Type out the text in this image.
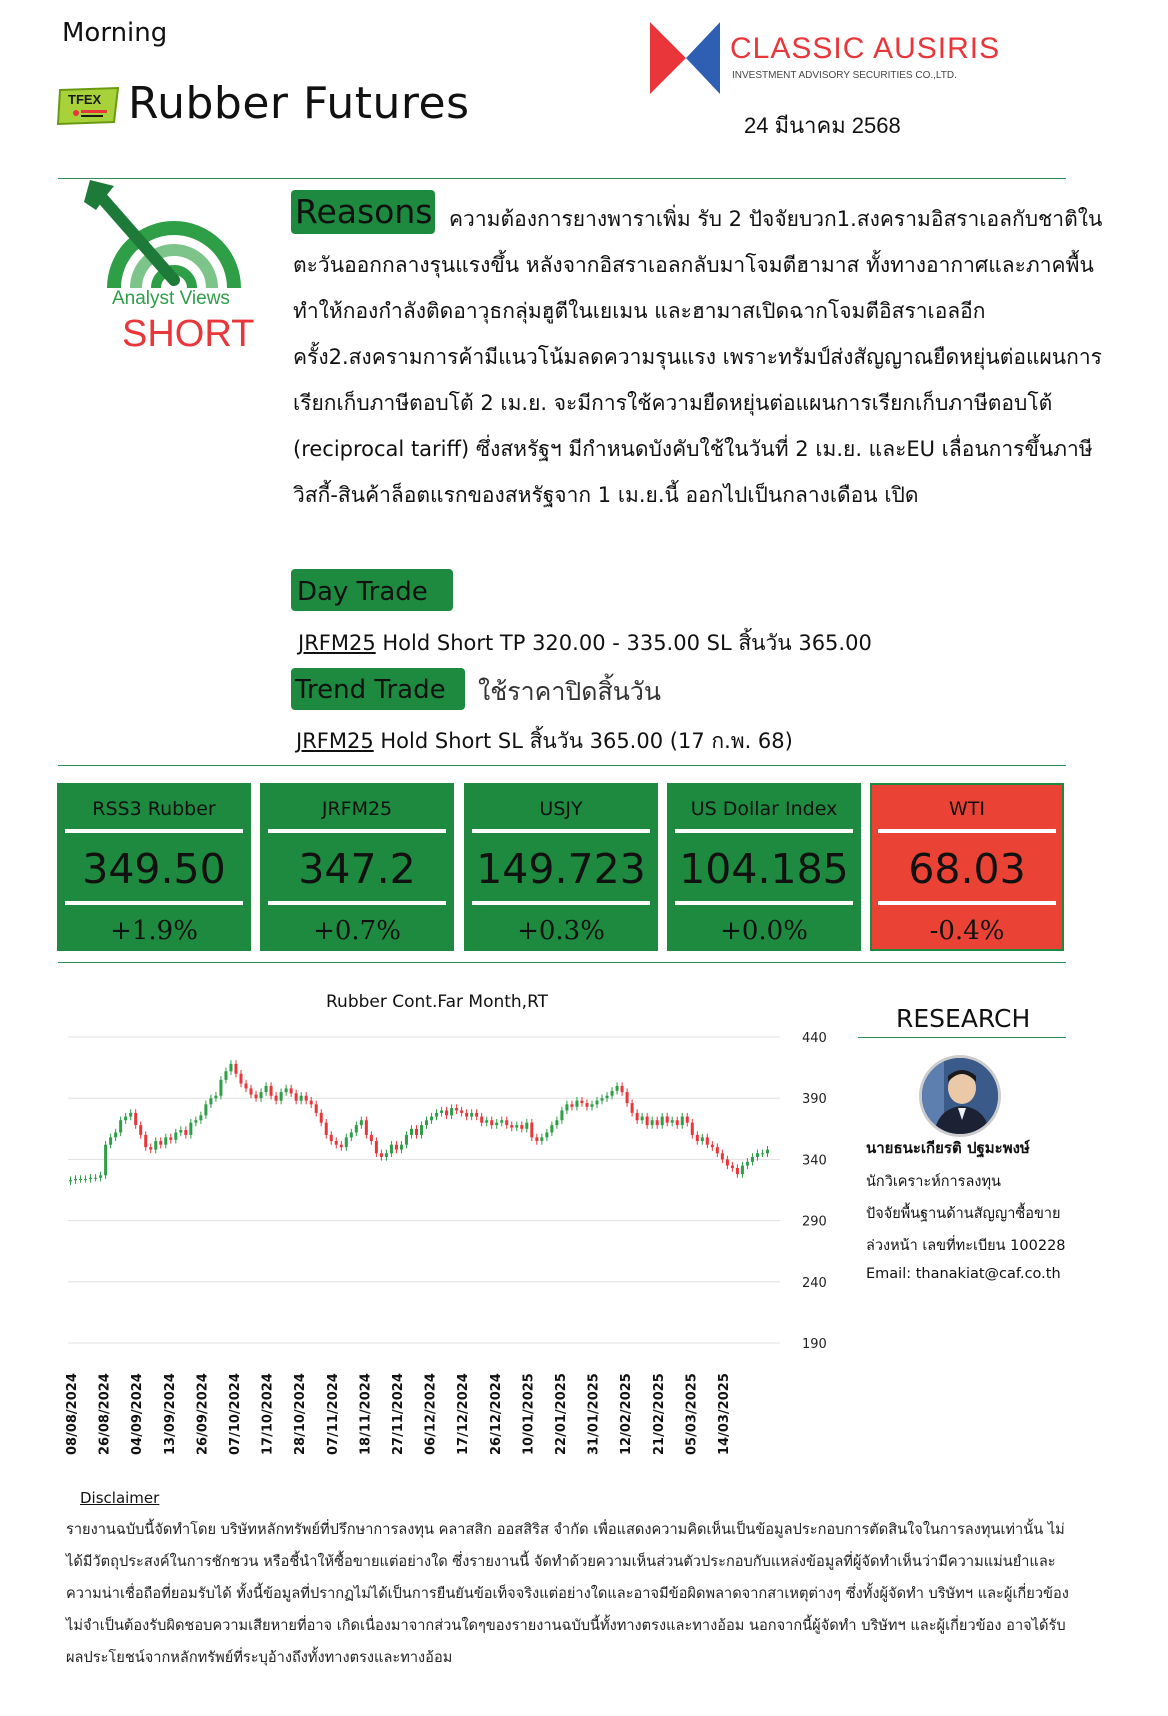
Morning
TFEX Rubber Futures
CLASSIC AUSIRIS
INVESTMENT ADVISORY SECURITIES CO.,LTD.
24 มีนาคม 2568
Analyst Views
SHORT
Reasons ความต้องการยางพาราเพิ่ม รับ 2 ปัจจัยบวก1.สงครามอิสราเอลกับชาติในตะวันออกกลางรุนแรงขึ้น หลังจากอิสราเอลกลับมาโจมตีฮามาส ทั้งทางอากาศและภาคพื้น ทำให้กองกำลังติดอาวุธกลุ่มฮูตีในเยเมน และฮามาสเปิดฉากโจมตีอิสราเอลอีกครั้ง2.สงครามการค้ามีแนวโน้มลดความรุนแรง เพราะทรัมป์ส่งสัญญาณยืดหยุ่นต่อแผนการเรียกเก็บภาษีตอบโต้ 2 เม.ย. จะมีการใช้ความยืดหยุ่นต่อแผนการเรียกเก็บภาษีตอบโต้ (reciprocal tariff) ซึ่งสหรัฐฯ มีกำหนดบังคับใช้ในวันที่ 2 เม.ย. และEU เลื่อนการขึ้นภาษีวิสกี้-สินค้าล็อตแรกของสหรัฐจาก 1 เม.ย.นี้ ออกไปเป็นกลางเดือน เปิด
Day Trade
JRFM25 Hold Short TP 320.00 - 335.00 SL สิ้นวัน 365.00
Trend Trade	ใช้ราคาปิดสิ้นวัน
JRFM25 Hold Short SL สิ้นวัน 365.00 (17 ก.พ. 68)
RSS3 Rubber
349.50
+1.9%
JRFM25
347.2
+0.7%
USJY
149.723
+0.3%
US Dollar Index
104.185
+0.0%
WTI
68.03
-0.4%
Rubber Cont.Far Month,RT
440
390
340
290
240
190
08/08/2024 26/08/2024 04/09/2024 13/09/2024 26/09/2024 07/10/2024 17/10/2024 28/10/2024 07/11/2024 18/11/2024 27/11/2024 06/12/2024 17/12/2024 26/12/2024 10/01/2025 22/01/2025 31/01/2025 12/02/2025 21/02/2025 05/03/2025 14/03/2025
RESEARCH
นายธนะเกียรติ ปฐมะพงษ์
นักวิเคราะห์การลงทุน
ปัจจัยพื้นฐานด้านสัญญาซื้อขาย
ล่วงหน้า เลขที่ทะเบียน 100228
Email: thanakiat@caf.co.th
Disclaimer
รายงานฉบับนี้จัดทำโดย บริษัทหลักทรัพย์ที่ปรึกษาการลงทุน คลาสสิก ออสสิริส จำกัด เพื่อแสดงความคิดเห็นเป็นข้อมูลประกอบการตัดสินใจในการลงทุนเท่านั้น ไม่ได้มีวัตถุประสงค์ในการชักชวน หรือชี้นำให้ซื้อขายแต่อย่างใด ซึ่งรายงานนี้ จัดทำด้วยความเห็นส่วนตัวประกอบกับแหล่งข้อมูลที่ผู้จัดทำเห็นว่ามีความแม่นยำและความน่าเชื่อถือที่ยอมรับได้ ทั้งนี้ข้อมูลที่ปรากฏไม่ได้เป็นการยืนยันข้อเท็จจริงแต่อย่างใดและอาจมีข้อผิดพลาดจากสาเหตุต่างๆ ซึ่งทั้งผู้จัดทำ บริษัทฯ และผู้เกี่ยวข้องไม่จำเป็นต้องรับผิดชอบความเสียหายที่อาจ เกิดเนื่องมาจากส่วนใดๆของรายงานฉบับนี้ทั้งทางตรงและทางอ้อม นอกจากนี้ผู้จัดทำ บริษัทฯ และผู้เกี่ยวข้อง อาจได้รับผลประโยชน์จากหลักทรัพย์ที่ระบุอ้างถึงทั้งทางตรงและทางอ้อม
